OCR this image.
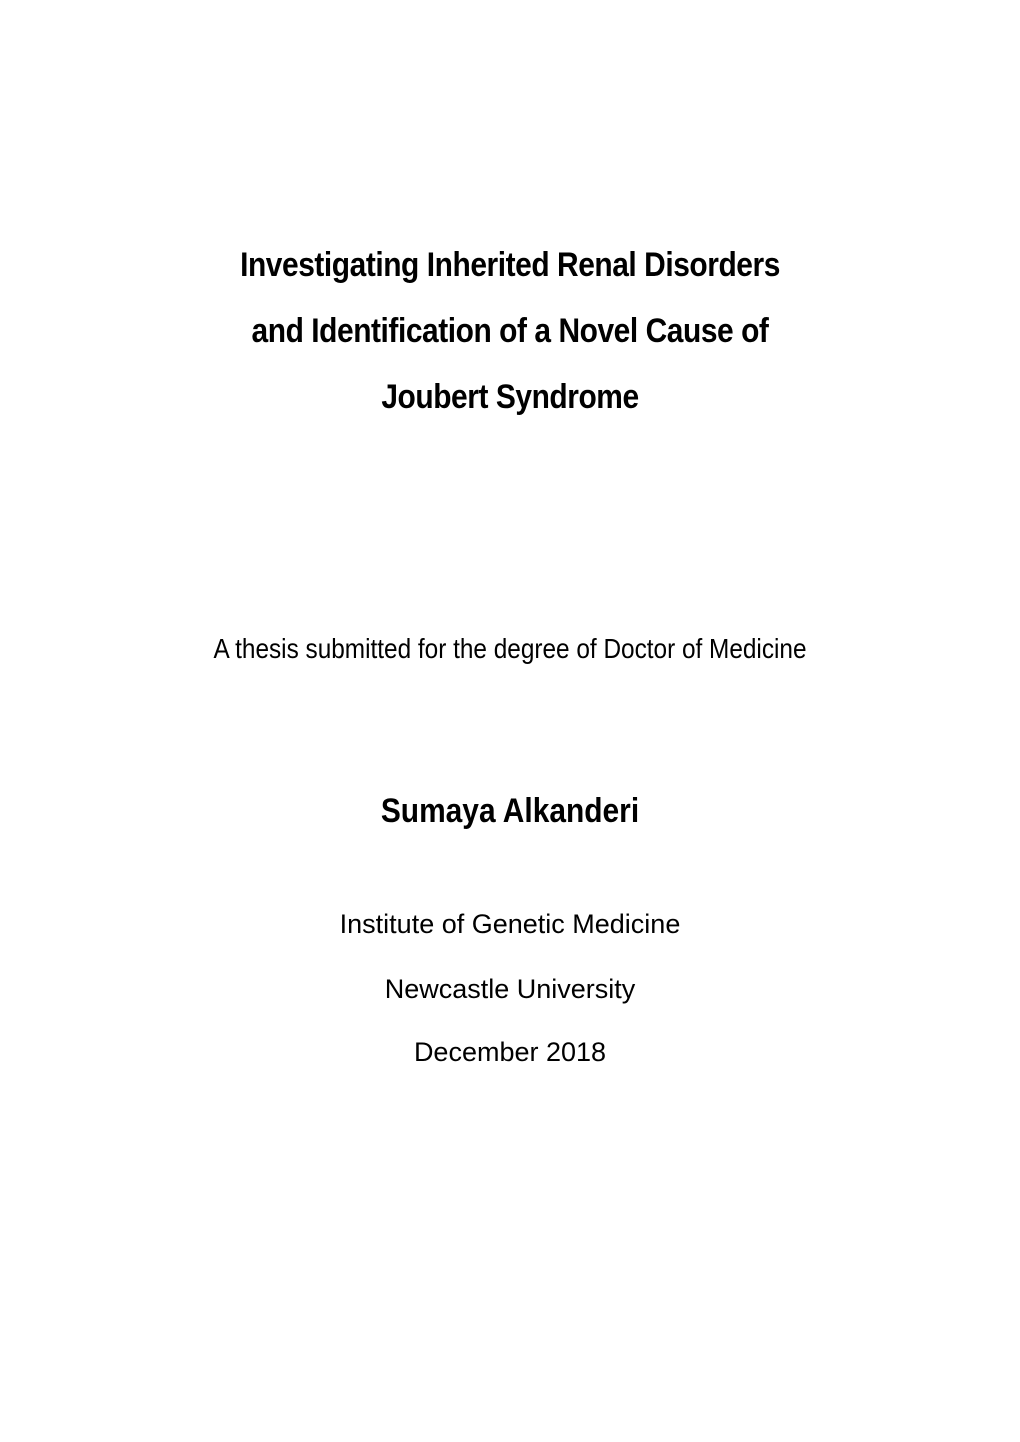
Investigating Inherited Renal Disorders
and Identification of a Novel Cause of
Joubert Syndrome
A thesis submitted for the degree of Doctor of Medicine
Sumaya Alkanderi
Institute of Genetic Medicine
Newcastle University
December 2018
